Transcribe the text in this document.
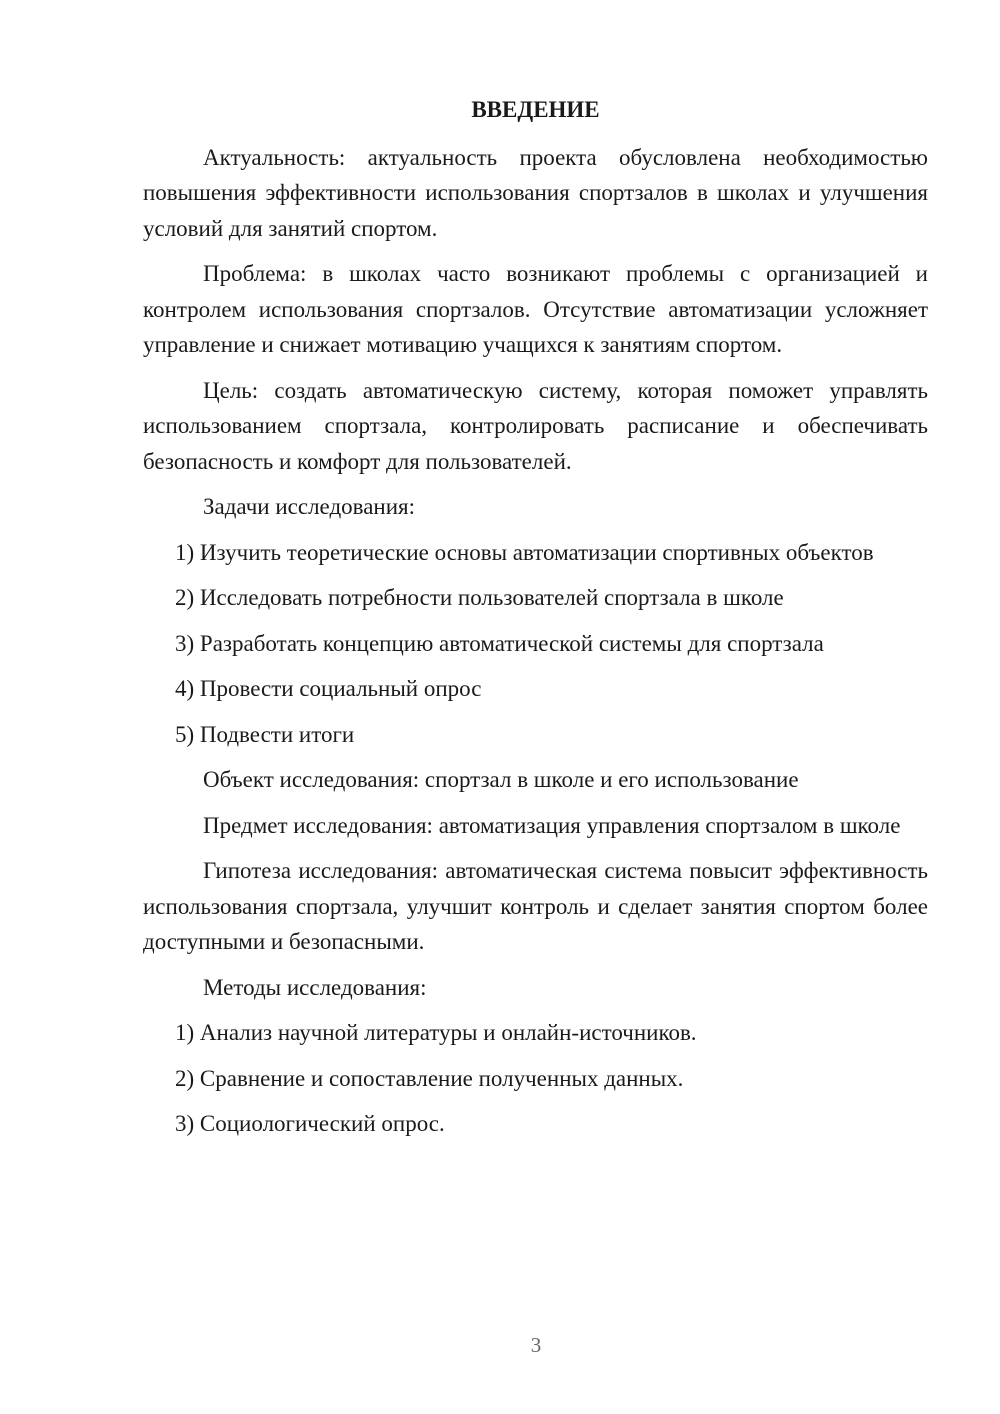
ВВЕДЕНИЕ

Актуальность: актуальность проекта обусловлена необходимостью повышения эффективности использования спортзалов в школах и улучшения условий для занятий спортом.

Проблема: в школах часто возникают проблемы с организацией и контролем использования спортзалов. Отсутствие автоматизации усложняет управление и снижает мотивацию учащихся к занятиям спортом.

Цель: создать автоматическую систему, которая поможет управлять использованием спортзала, контролировать расписание и обеспечивать безопасность и комфорт для пользователей.

Задачи исследования:

1) Изучить теоретические основы автоматизации спортивных объектов

2) Исследовать потребности пользователей спортзала в школе

3) Разработать концепцию автоматической системы для спортзала

4) Провести социальный опрос

5) Подвести итоги

Объект исследования: спортзал в школе и его использование

Предмет исследования: автоматизация управления спортзалом в школе

Гипотеза исследования: автоматическая система повысит эффективность использования спортзала, улучшит контроль и сделает занятия спортом более доступными и безопасными.

Методы исследования:

1) Анализ научной литературы и онлайн-источников.

2) Сравнение и сопоставление полученных данных.

3) Социологический опрос.

3
